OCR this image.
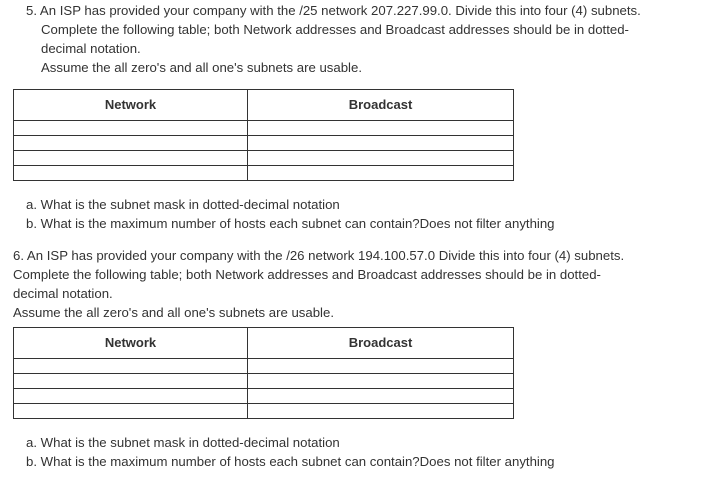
5. An ISP has provided your company with the /25 network 207.227.99.0. Divide this into four (4) subnets.
Complete the following table; both Network addresses and Broadcast addresses should be in dotted-
decimal notation.
Assume the all zero's and all one's subnets are usable.
Network	Broadcast

a. What is the subnet mask in dotted-decimal notation
b. What is the maximum number of hosts each subnet can contain?Does not filter anything
6. An ISP has provided your company with the /26 network 194.100.57.0 Divide this into four (4) subnets.
Complete the following table; both Network addresses and Broadcast addresses should be in dotted-
decimal notation.
Assume the all zero's and all one's subnets are usable.
Network	Broadcast

a. What is the subnet mask in dotted-decimal notation
b. What is the maximum number of hosts each subnet can contain?Does not filter anything
